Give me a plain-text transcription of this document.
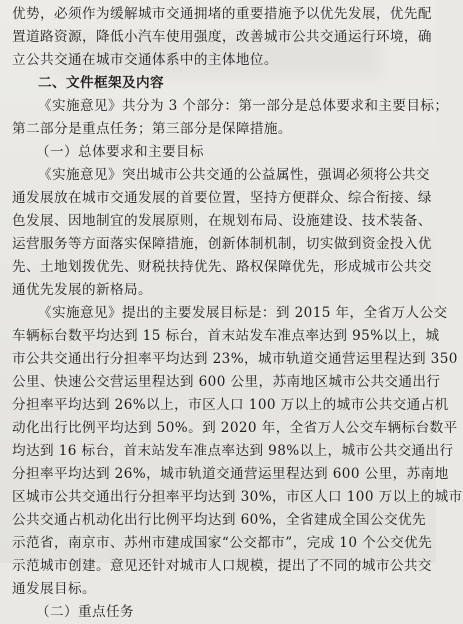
优势，必须作为缓解城市交通拥堵的重要措施予以优先发展，优先配
置道路资源，降低小汽车使用强度，改善城市公共交通运行环境，确
立公共交通在城市交通体系中的主体地位。
二、文件框架及内容
《实施意见》共分为 3 个部分：第一部分是总体要求和主要目标；
第二部分是重点任务；第三部分是保障措施。
（一）总体要求和主要目标
《实施意见》突出城市公共交通的公益属性，强调必须将公共交
通发展放在城市交通发展的首要位置，坚持方便群众、综合衔接、绿
色发展、因地制宜的发展原则，在规划布局、设施建设、技术装备、
运营服务等方面落实保障措施，创新体制机制，切实做到资金投入优
先、土地划拨优先、财税扶持优先、路权保障优先，形成城市公共交
通优先发展的新格局。
《实施意见》提出的主要发展目标是：到 2015 年，全省万人公交
车辆标台数平均达到 15 标台，首末站发车准点率达到 95%以上，城
市公共交通出行分担率平均达到 23%，城市轨道交通营运里程达到 350
公里、快速公交营运里程达到 600 公里，苏南地区城市公共交通出行
分担率平均达到 26%以上，市区人口 100 万以上的城市公共交通占机
动化出行比例平均达到 50%。到 2020 年，全省万人公交车辆标台数平
均达到 16 标台，首末站发车准点率达到 98%以上，城市公共交通出行
分担率平均达到 26%，城市轨道交通营运里程达到 600 公里，苏南地
区城市公共交通出行分担率平均达到 30%，市区人口 100 万以上的城市
公共交通占机动化出行比例平均达到 60%，全省建成全国公交优先
示范省，南京市、苏州市建成国家“公交都市”，完成 10 个公交优先
示范城市创建。意见还针对城市人口规模，提出了不同的城市公共交
通发展目标。
（二）重点任务
